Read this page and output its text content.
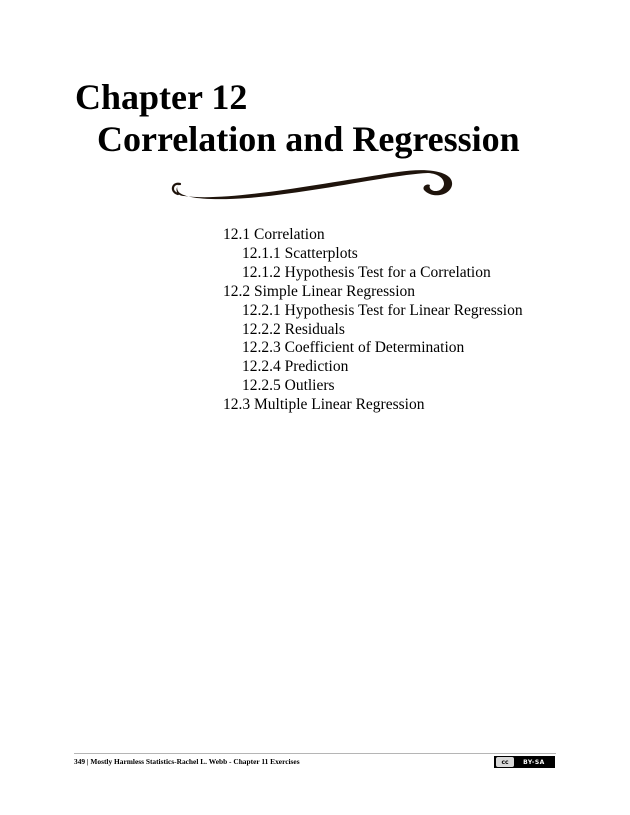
Chapter 12
Correlation and Regression
12.1 Correlation
12.1.1 Scatterplots
12.1.2 Hypothesis Test for a Correlation
12.2 Simple Linear Regression
12.2.1 Hypothesis Test for Linear Regression
12.2.2 Residuals
12.2.3 Coefficient of Determination
12.2.4 Prediction
12.2.5 Outliers
12.3 Multiple Linear Regression
349 | Mostly Harmless Statistics-Rachel L. Webb - Chapter 11 Exercises	cc	BY-SA
